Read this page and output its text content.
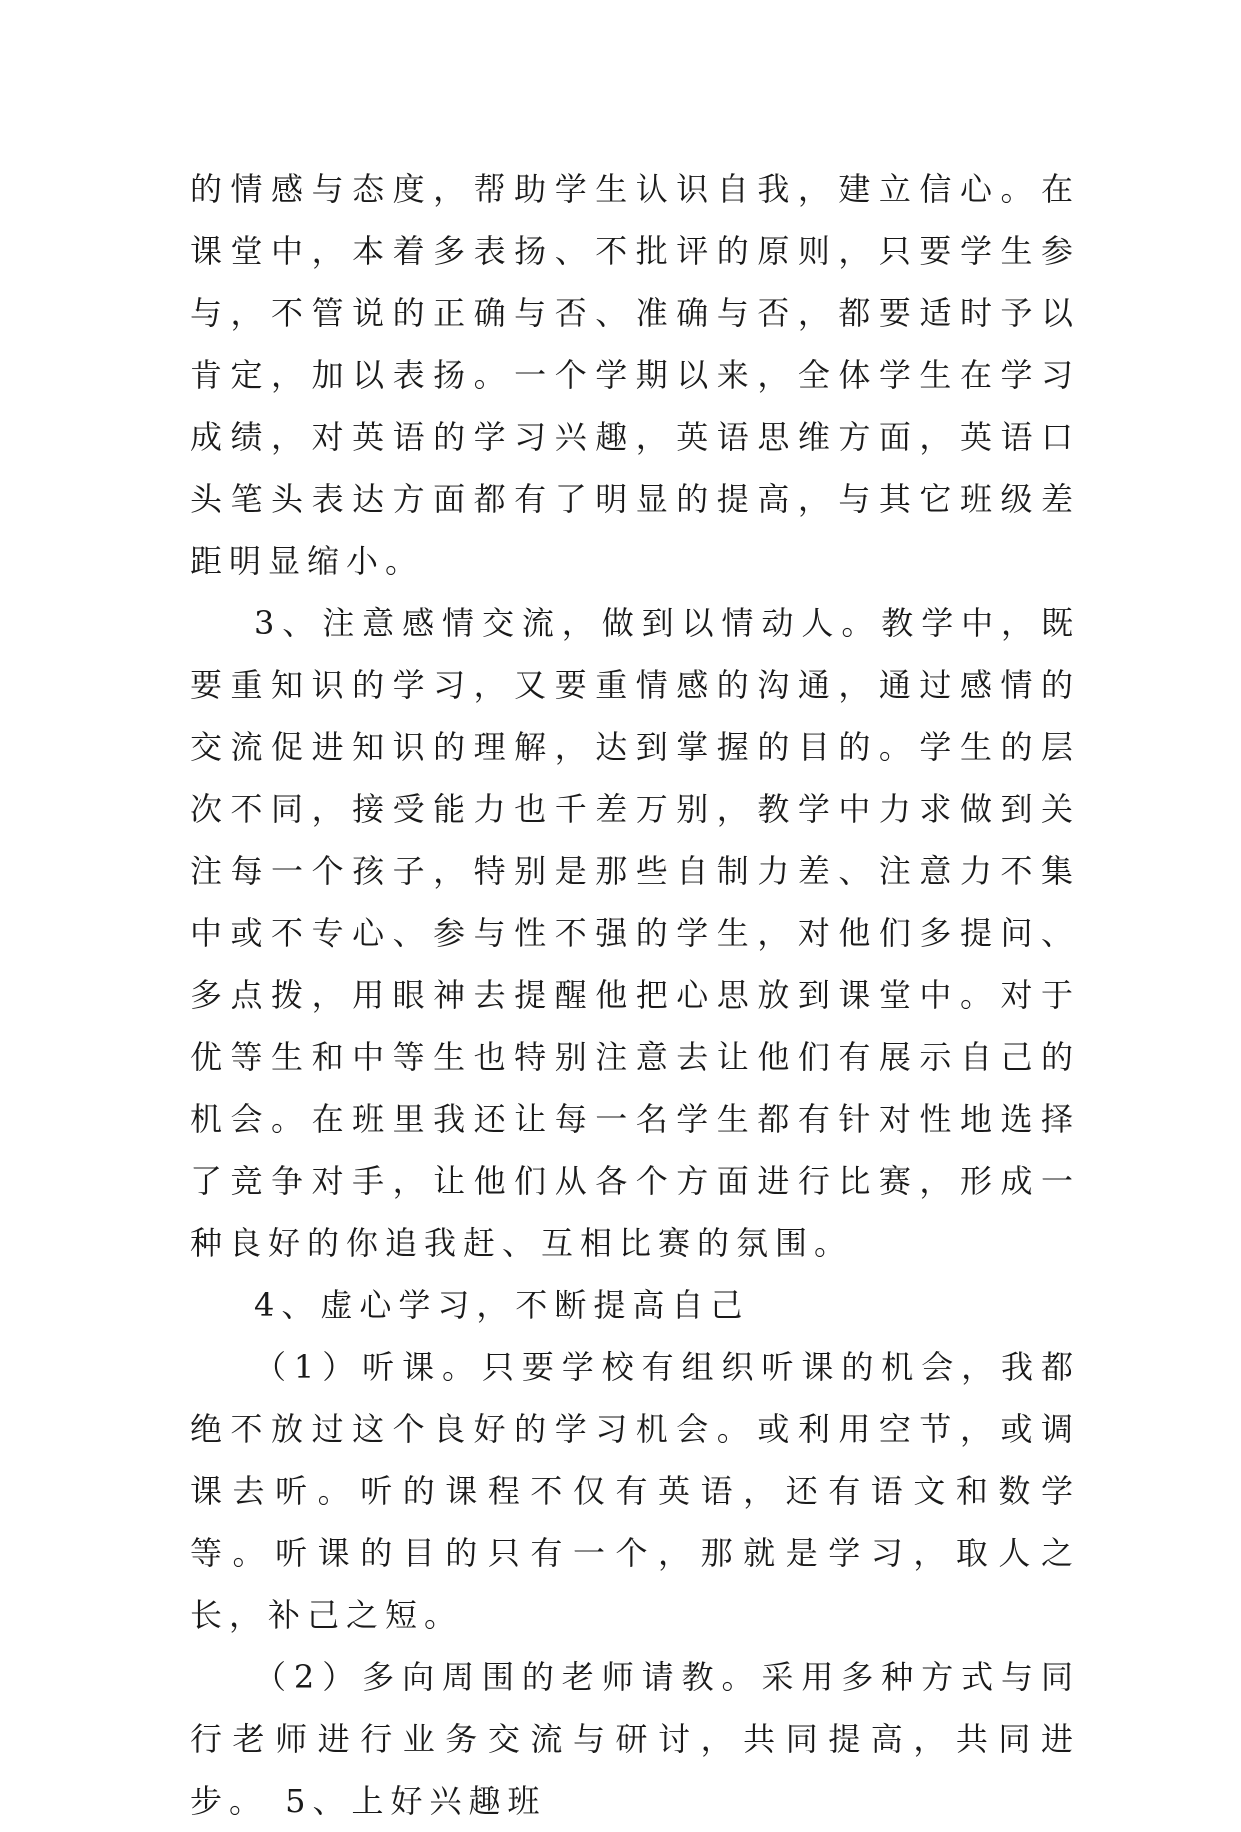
的情感与态度，帮助学生认识自我，建立信心。在课堂中，本着多表扬、不批评的原则，只要学生参与，不管说的正确与否、准确与否，都要适时予以肯定，加以表扬。一个学期以来，全体学生在学习成绩，对英语的学习兴趣，英语思维方面，英语口头笔头表达方面都有了明显的提高，与其它班级差距明显缩小。

3、注意感情交流，做到以情动人。教学中，既要重知识的学习，又要重情感的沟通，通过感情的交流促进知识的理解，达到掌握的目的。学生的层次不同，接受能力也千差万别，教学中力求做到关注每一个孩子，特别是那些自制力差、注意力不集中或不专心、参与性不强的学生，对他们多提问、多点拨，用眼神去提醒他把心思放到课堂中。对于优等生和中等生也特别注意去让他们有展示自己的机会。在班里我还让每一名学生都有针对性地选择了竞争对手，让他们从各个方面进行比赛，形成一种良好的你追我赶、互相比赛的氛围。

4、虚心学习，不断提高自己

（1）听课。只要学校有组织听课的机会，我都绝不放过这个良好的学习机会。或利用空节，或调课去听。听的课程不仅有英语，还有语文和数学等。听课的目的只有一个，那就是学习，取人之长，补己之短。

（2）多向周围的老师请教。采用多种方式与同行老师进行业务交流与研讨，共同提高，共同进步。 5、上好兴趣班
